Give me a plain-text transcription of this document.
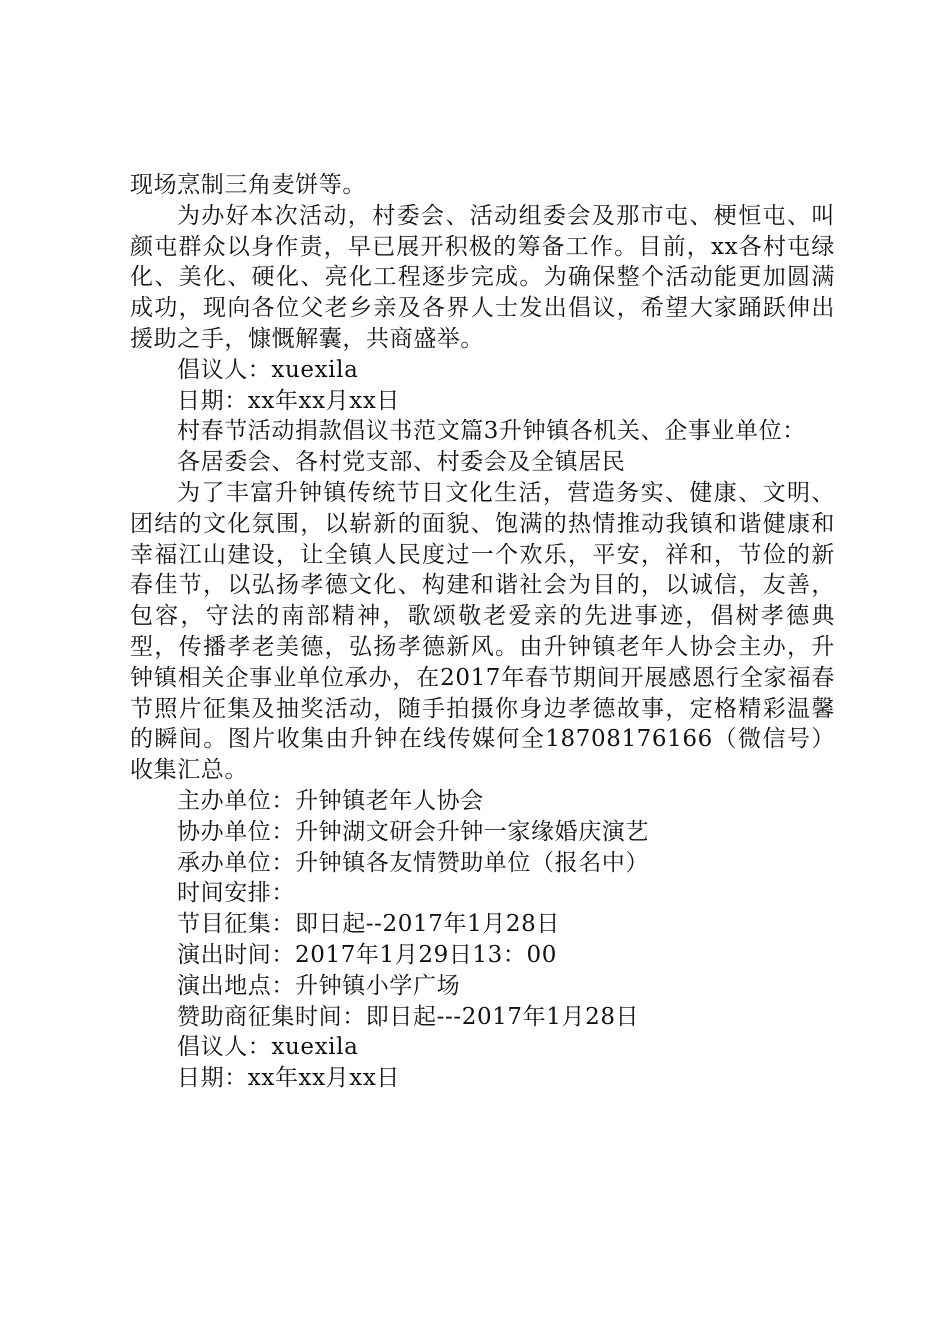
现场烹制三角麦饼等。

为办好本次活动，村委会、活动组委会及那市屯、梗恒屯、叫颜屯群众以身作责，早已展开积极的筹备工作。目前，xx各村屯绿化、美化、硬化、亮化工程逐步完成。为确保整个活动能更加圆满成功，现向各位父老乡亲及各界人士发出倡议，希望大家踊跃伸出援助之手，慷慨解囊，共商盛举。

倡议人：xuexila

日期：xx年xx月xx日

村春节活动捐款倡议书范文篇3升钟镇各机关、企事业单位：

各居委会、各村党支部、村委会及全镇居民

为了丰富升钟镇传统节日文化生活，营造务实、健康、文明、团结的文化氛围，以崭新的面貌、饱满的热情推动我镇和谐健康和幸福江山建设，让全镇人民度过一个欢乐，平安，祥和，节俭的新春佳节，以弘扬孝德文化、构建和谐社会为目的，以诚信，友善，包容，守法的南部精神，歌颂敬老爱亲的先进事迹，倡树孝德典型，传播孝老美德，弘扬孝德新风。由升钟镇老年人协会主办，升钟镇相关企事业单位承办，在2017年春节期间开展感恩行全家福春节照片征集及抽奖活动，随手拍摄你身边孝德故事，定格精彩温馨的瞬间。图片收集由升钟在线传媒何全18708176166（微信号）收集汇总。

主办单位：升钟镇老年人协会

协办单位：升钟湖文研会升钟一家缘婚庆演艺

承办单位：升钟镇各友情赞助单位（报名中）

时间安排：

节目征集：即日起--2017年1月28日

演出时间：2017年1月29日13：00

演出地点：升钟镇小学广场

赞助商征集时间：即日起---2017年1月28日

倡议人：xuexila

日期：xx年xx月xx日
